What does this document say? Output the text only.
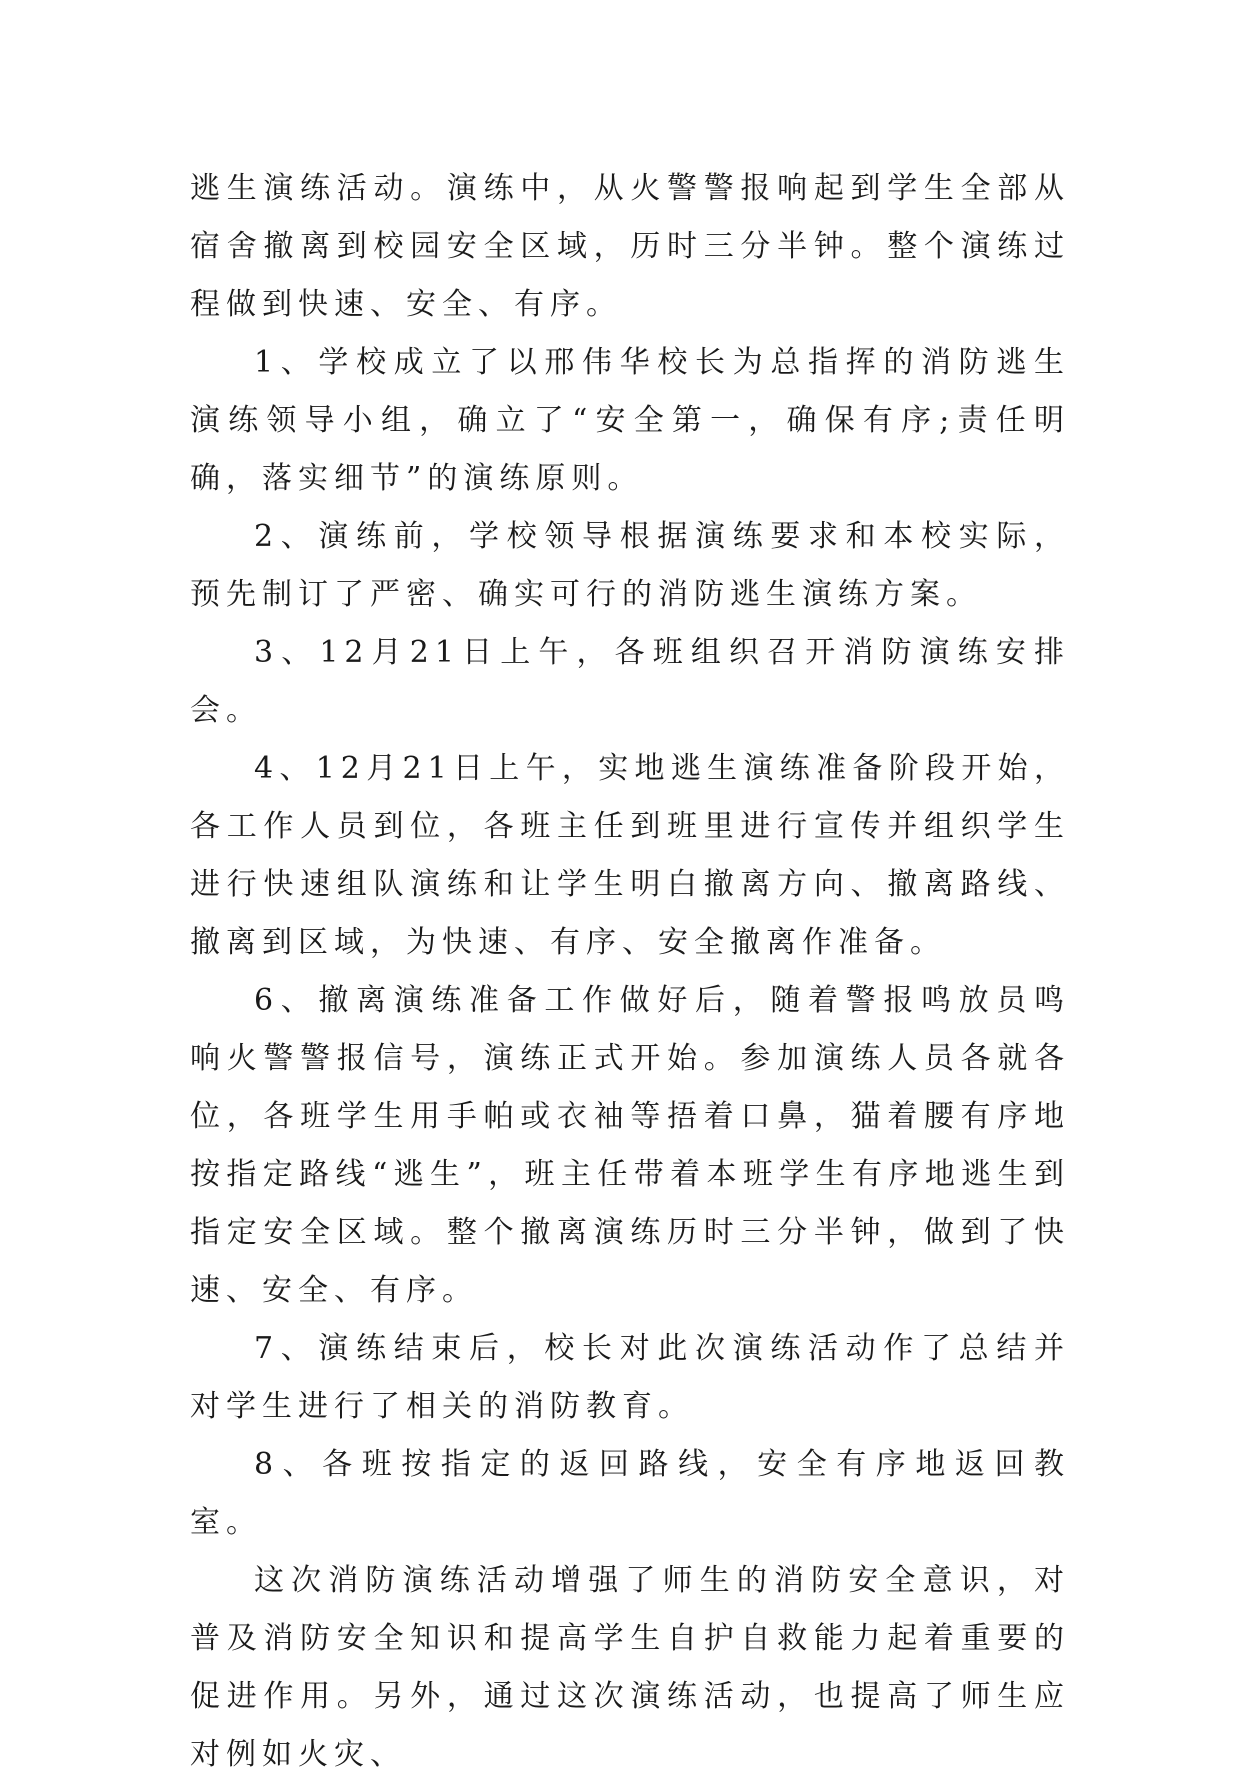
逃生演练活动。演练中，从火警警报响起到学生全部从宿舍撤离到校园安全区域，历时三分半钟。整个演练过程做到快速、安全、有序。

1、学校成立了以邢伟华校长为总指挥的消防逃生演练领导小组，确立了“安全第一，确保有序;责任明确，落实细节”的演练原则。

2、演练前，学校领导根据演练要求和本校实际，预先制订了严密、确实可行的消防逃生演练方案。

3、12月21日上午，各班组织召开消防演练安排会。

4、12月21日上午，实地逃生演练准备阶段开始，各工作人员到位，各班主任到班里进行宣传并组织学生进行快速组队演练和让学生明白撤离方向、撤离路线、撤离到区域，为快速、有序、安全撤离作准备。

6、撤离演练准备工作做好后，随着警报鸣放员鸣响火警警报信号，演练正式开始。参加演练人员各就各位，各班学生用手帕或衣袖等捂着口鼻，猫着腰有序地按指定路线“逃生”，班主任带着本班学生有序地逃生到指定安全区域。整个撤离演练历时三分半钟，做到了快速、安全、有序。

7、演练结束后，校长对此次演练活动作了总结并对学生进行了相关的消防教育。

8、各班按指定的返回路线，安全有序地返回教室。

这次消防演练活动增强了师生的消防安全意识，对普及消防安全知识和提高学生自护自救能力起着重要的促进作用。另外，通过这次演练活动，也提高了师生应对例如火灾、
